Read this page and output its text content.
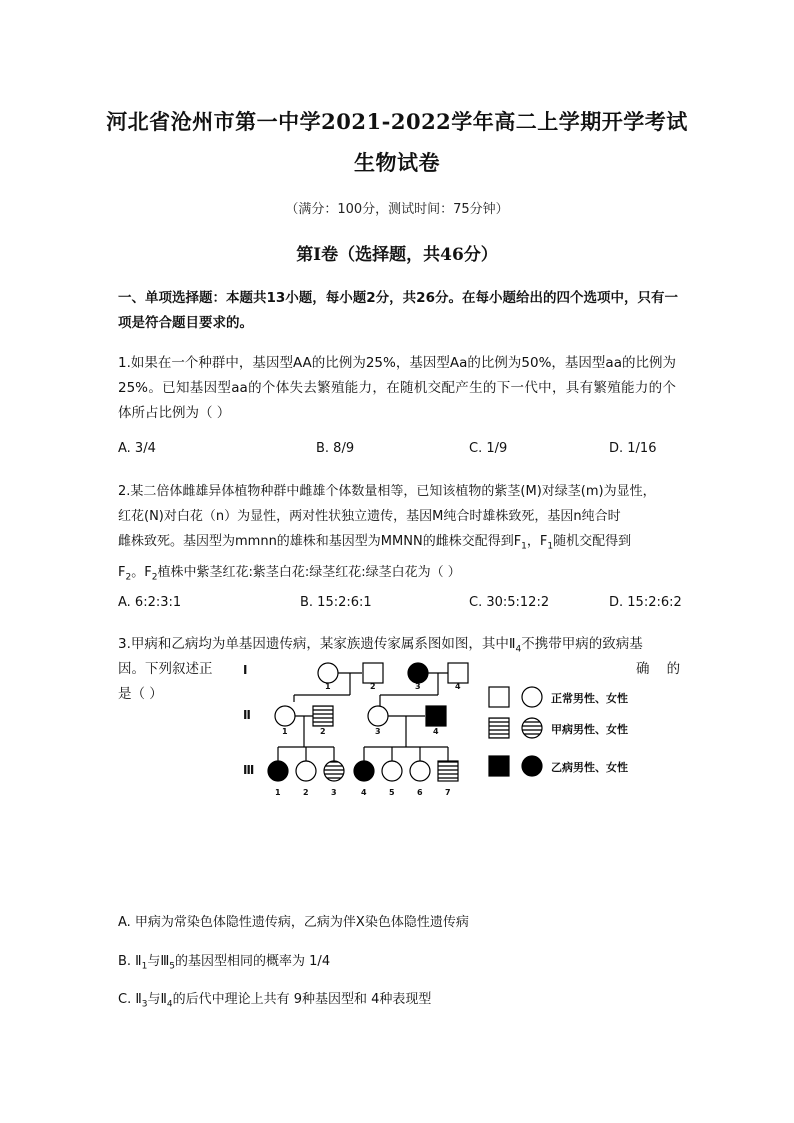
河北省沧州市第一中学2021-2022学年高二上学期开学考试
生物试卷
（满分：100分，测试时间：75分钟）
第Ⅰ卷（选择题，共46分）
一、单项选择题：本题共13小题，每小题2分，共26分。在每小题给出的四个选项中，只有一项是符合题目要求的。
1.如果在一个种群中，基因型AA的比例为25%，基因型Aa的比例为50%，基因型aa的比例为25%。已知基因型aa的个体失去繁殖能力，在随机交配产生的下一代中，具有繁殖能力的个体所占比例为（ ）
A. 3/4	B. 8/9	C. 1/9	D. 1/16
2.某二倍体雌雄异体植物种群中雌雄个体数量相等，已知该植物的紫茎(M)对绿茎(m)为显性，
红花(N)对白花（n）为显性，两对性状独立遗传，基因M纯合时雄株致死，基因n纯合时
雌株致死。基因型为mmnn的雄株和基因型为MMNN的雌株交配得到$F_1$，$F_1$随机交配得到
$F_2$。$F_2$植株中紫茎红花:紫茎白花:绿茎红花:绿茎白花为（ ）
A. 6:2:3:1	B. 15:2:6:1	C. 30:5:12:2	D. 15:2:6:2
3.甲病和乙病均为单基因遗传病，某家族遗传家属系图如图，其中$Ⅱ_4$不携带甲病的致病基
因。下列叙述正	确    的
是（ ）
Ⅰ
Ⅱ
Ⅲ
1	2	3	4
1	2	3	4
1	2	3	4	5	6	7
正常男性、女性
甲病男性、女性
乙病男性、女性
A. 甲病为常染色体隐性遗传病，乙病为伴X染色体隐性遗传病
B. $Ⅱ_1$与$Ⅲ_5$的基因型相同的概率为 1/4
C. $Ⅱ_3$与$Ⅱ_4$的后代中理论上共有 9种基因型和 4种表现型
